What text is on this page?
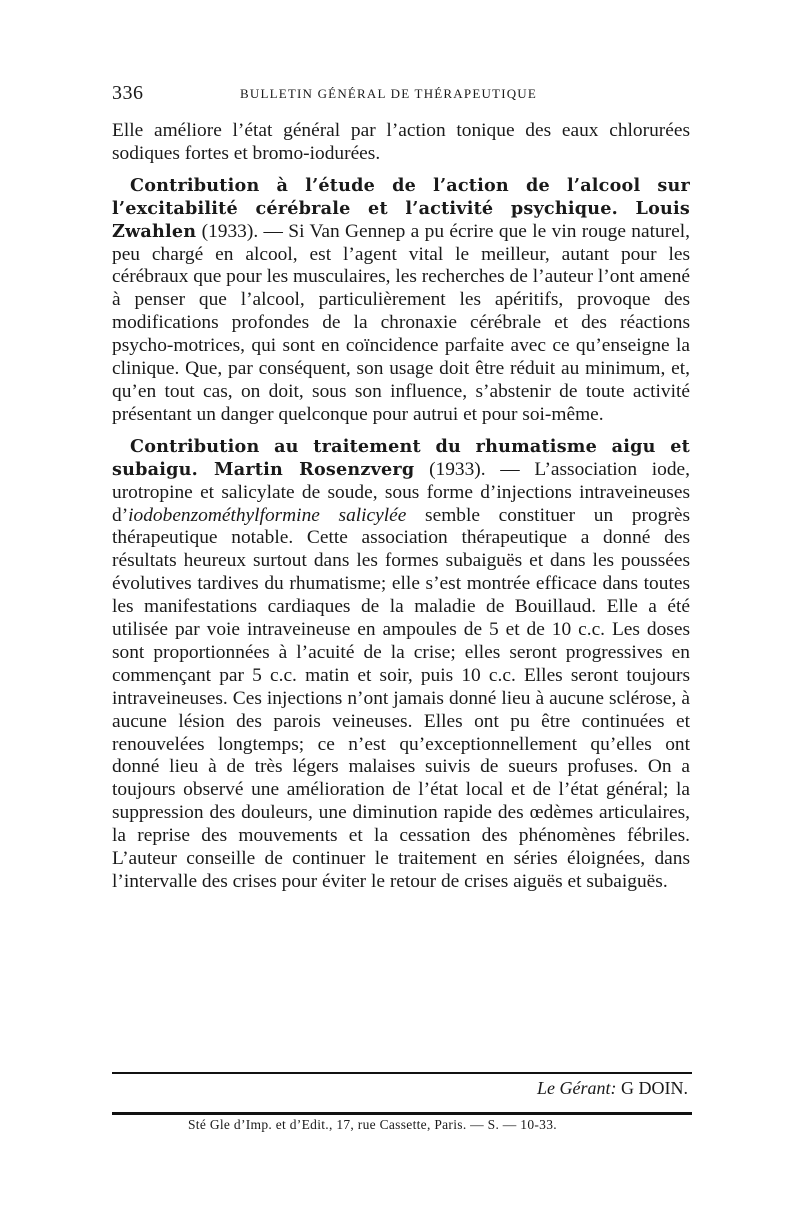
336	BULLETIN GÉNÉRAL DE THÉRAPEUTIQUE

Elle améliore l’état général par l’action tonique des eaux chlorurées sodiques fortes et bromo-iodurées.

Contribution à l’étude de l’action de l’alcool sur l’excitabilité cérébrale et l’activité psychique. Louis Zwahlen (1933). — Si Van Gennep a pu écrire que le vin rouge naturel, peu chargé en alcool, est l’agent vital le meilleur, autant pour les cérébraux que pour les musculaires, les recherches de l’auteur l’ont amené à penser que l’alcool, particulièrement les apéritifs, provoque des modifications profondes de la chronaxie cérébrale et des réactions psycho-motrices, qui sont en coïncidence parfaite avec ce qu’enseigne la clinique. Que, par conséquent, son usage doit être réduit au minimum, et, qu’en tout cas, on doit, sous son influence, s’abstenir de toute activité présentant un danger quelconque pour autrui et pour soi-même.

Contribution au traitement du rhumatisme aigu et subaigu. Martin Rosenzverg (1933). — L’association iode, urotropine et salicylate de soude, sous forme d’injections intraveineuses d’iodobenzométhylformine salicylée semble constituer un progrès thérapeutique notable. Cette association thérapeutique a donné des résultats heureux surtout dans les formes subaiguës et dans les poussées évolutives tardives du rhumatisme; elle s’est montrée efficace dans toutes les manifestations cardiaques de la maladie de Bouillaud. Elle a été utilisée par voie intraveineuse en ampoules de 5 et de 10 c.c. Les doses sont proportionnées à l’acuité de la crise; elles seront progressives en commençant par 5 c.c. matin et soir, puis 10 c.c. Elles seront toujours intraveineuses. Ces injections n’ont jamais donné lieu à aucune sclérose, à aucune lésion des parois veineuses. Elles ont pu être continuées et renouvelées longtemps; ce n’est qu’exceptionnellement qu’elles ont donné lieu à de très légers malaises suivis de sueurs profuses. On a toujours observé une amélioration de l’état local et de l’état général; la suppression des douleurs, une diminution rapide des œdèmes articulaires, la reprise des mouvements et la cessation des phénomènes fébriles. L’auteur conseille de continuer le traitement en séries éloignées, dans l’intervalle des crises pour éviter le retour de crises aiguës et subaiguës.

Le Gérant: G DOIN.
Sté Gle d’Imp. et d’Edit., 17, rue Cassette, Paris. — S. — 10-33.
